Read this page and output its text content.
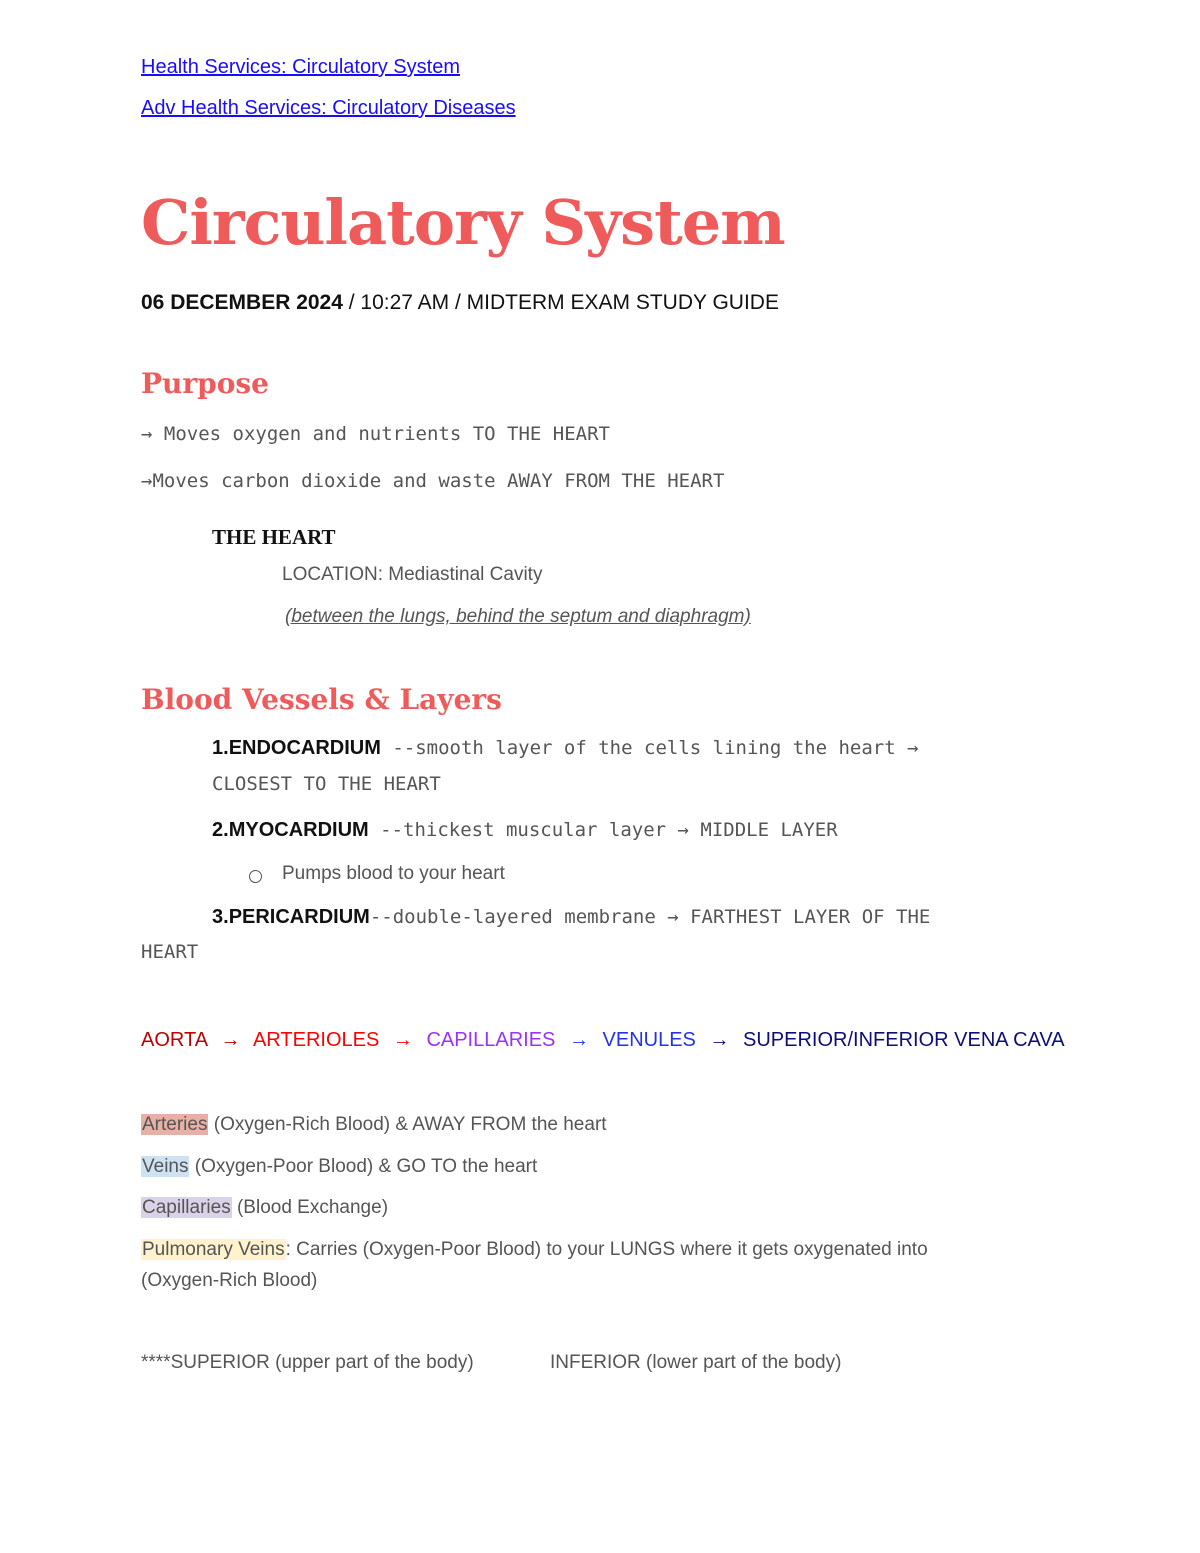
Health Services: Circulatory System
Adv Health Services: Circulatory Diseases
Circulatory System
06 DECEMBER 2024 / 10:27 AM / MIDTERM EXAM STUDY GUIDE
Purpose
→ Moves oxygen and nutrients TO THE HEART
→Moves carbon dioxide and waste AWAY FROM THE HEART
THE HEART
LOCATION: Mediastinal Cavity
(between the lungs, behind the septum and diaphragm)
Blood Vessels & Layers
1.ENDOCARDIUM --smooth layer of the cells lining the heart →
CLOSEST TO THE HEART
2.MYOCARDIUM --thickest muscular layer → MIDDLE LAYER
Pumps blood to your heart
3.PERICARDIUM--double-layered membrane → FARTHEST LAYER OF THE
HEART
AORTA → ARTERIOLES → CAPILLARIES → VENULES → SUPERIOR/INFERIOR VENA CAVA
Arteries (Oxygen-Rich Blood) & AWAY FROM the heart
Veins (Oxygen-Poor Blood) & GO TO the heart
Capillaries (Blood Exchange)
Pulmonary Veins: Carries (Oxygen-Poor Blood) to your LUNGS where it gets oxygenated into
(Oxygen-Rich Blood)
****SUPERIOR (upper part of the body)	INFERIOR (lower part of the body)
